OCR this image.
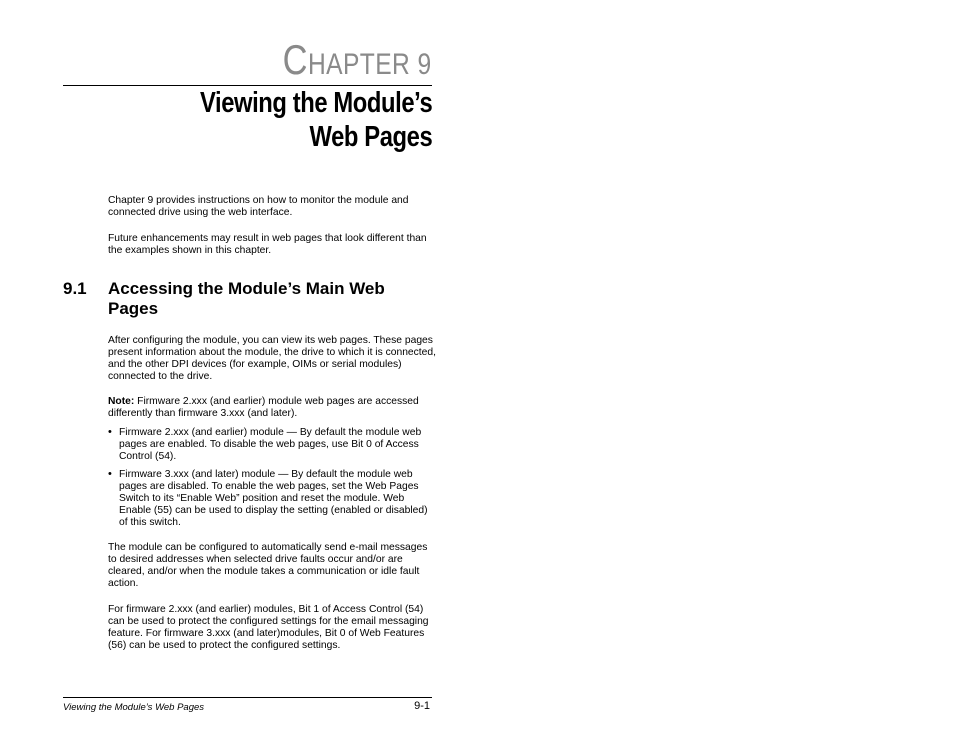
CHAPTER 9
Viewing the Module’s
Web Pages

Chapter 9 provides instructions on how to monitor the module and connected drive using the web interface.

Future enhancements may result in web pages that look different than the examples shown in this chapter.

9.1 Accessing the Module’s Main Web Pages

After configuring the module, you can view its web pages. These pages present information about the module, the drive to which it is connected, and the other DPI devices (for example, OIMs or serial modules) connected to the drive.

Note: Firmware 2.xxx (and earlier) module web pages are accessed differently than firmware 3.xxx (and later).

• Firmware 2.xxx (and earlier) module — By default the module web pages are enabled. To disable the web pages, use Bit 0 of Access Control (54).
• Firmware 3.xxx (and later) module — By default the module web pages are disabled. To enable the web pages, set the Web Pages Switch to its “Enable Web” position and reset the module. Web Enable (55) can be used to display the setting (enabled or disabled) of this switch.

The module can be configured to automatically send e-mail messages to desired addresses when selected drive faults occur and/or are cleared, and/or when the module takes a communication or idle fault action.

For firmware 2.xxx (and earlier) modules, Bit 1 of Access Control (54) can be used to protect the configured settings for the email messaging feature. For firmware 3.xxx (and later)modules, Bit 0 of Web Features (56) can be used to protect the configured settings.

Viewing the Module’s Web Pages	9-1
